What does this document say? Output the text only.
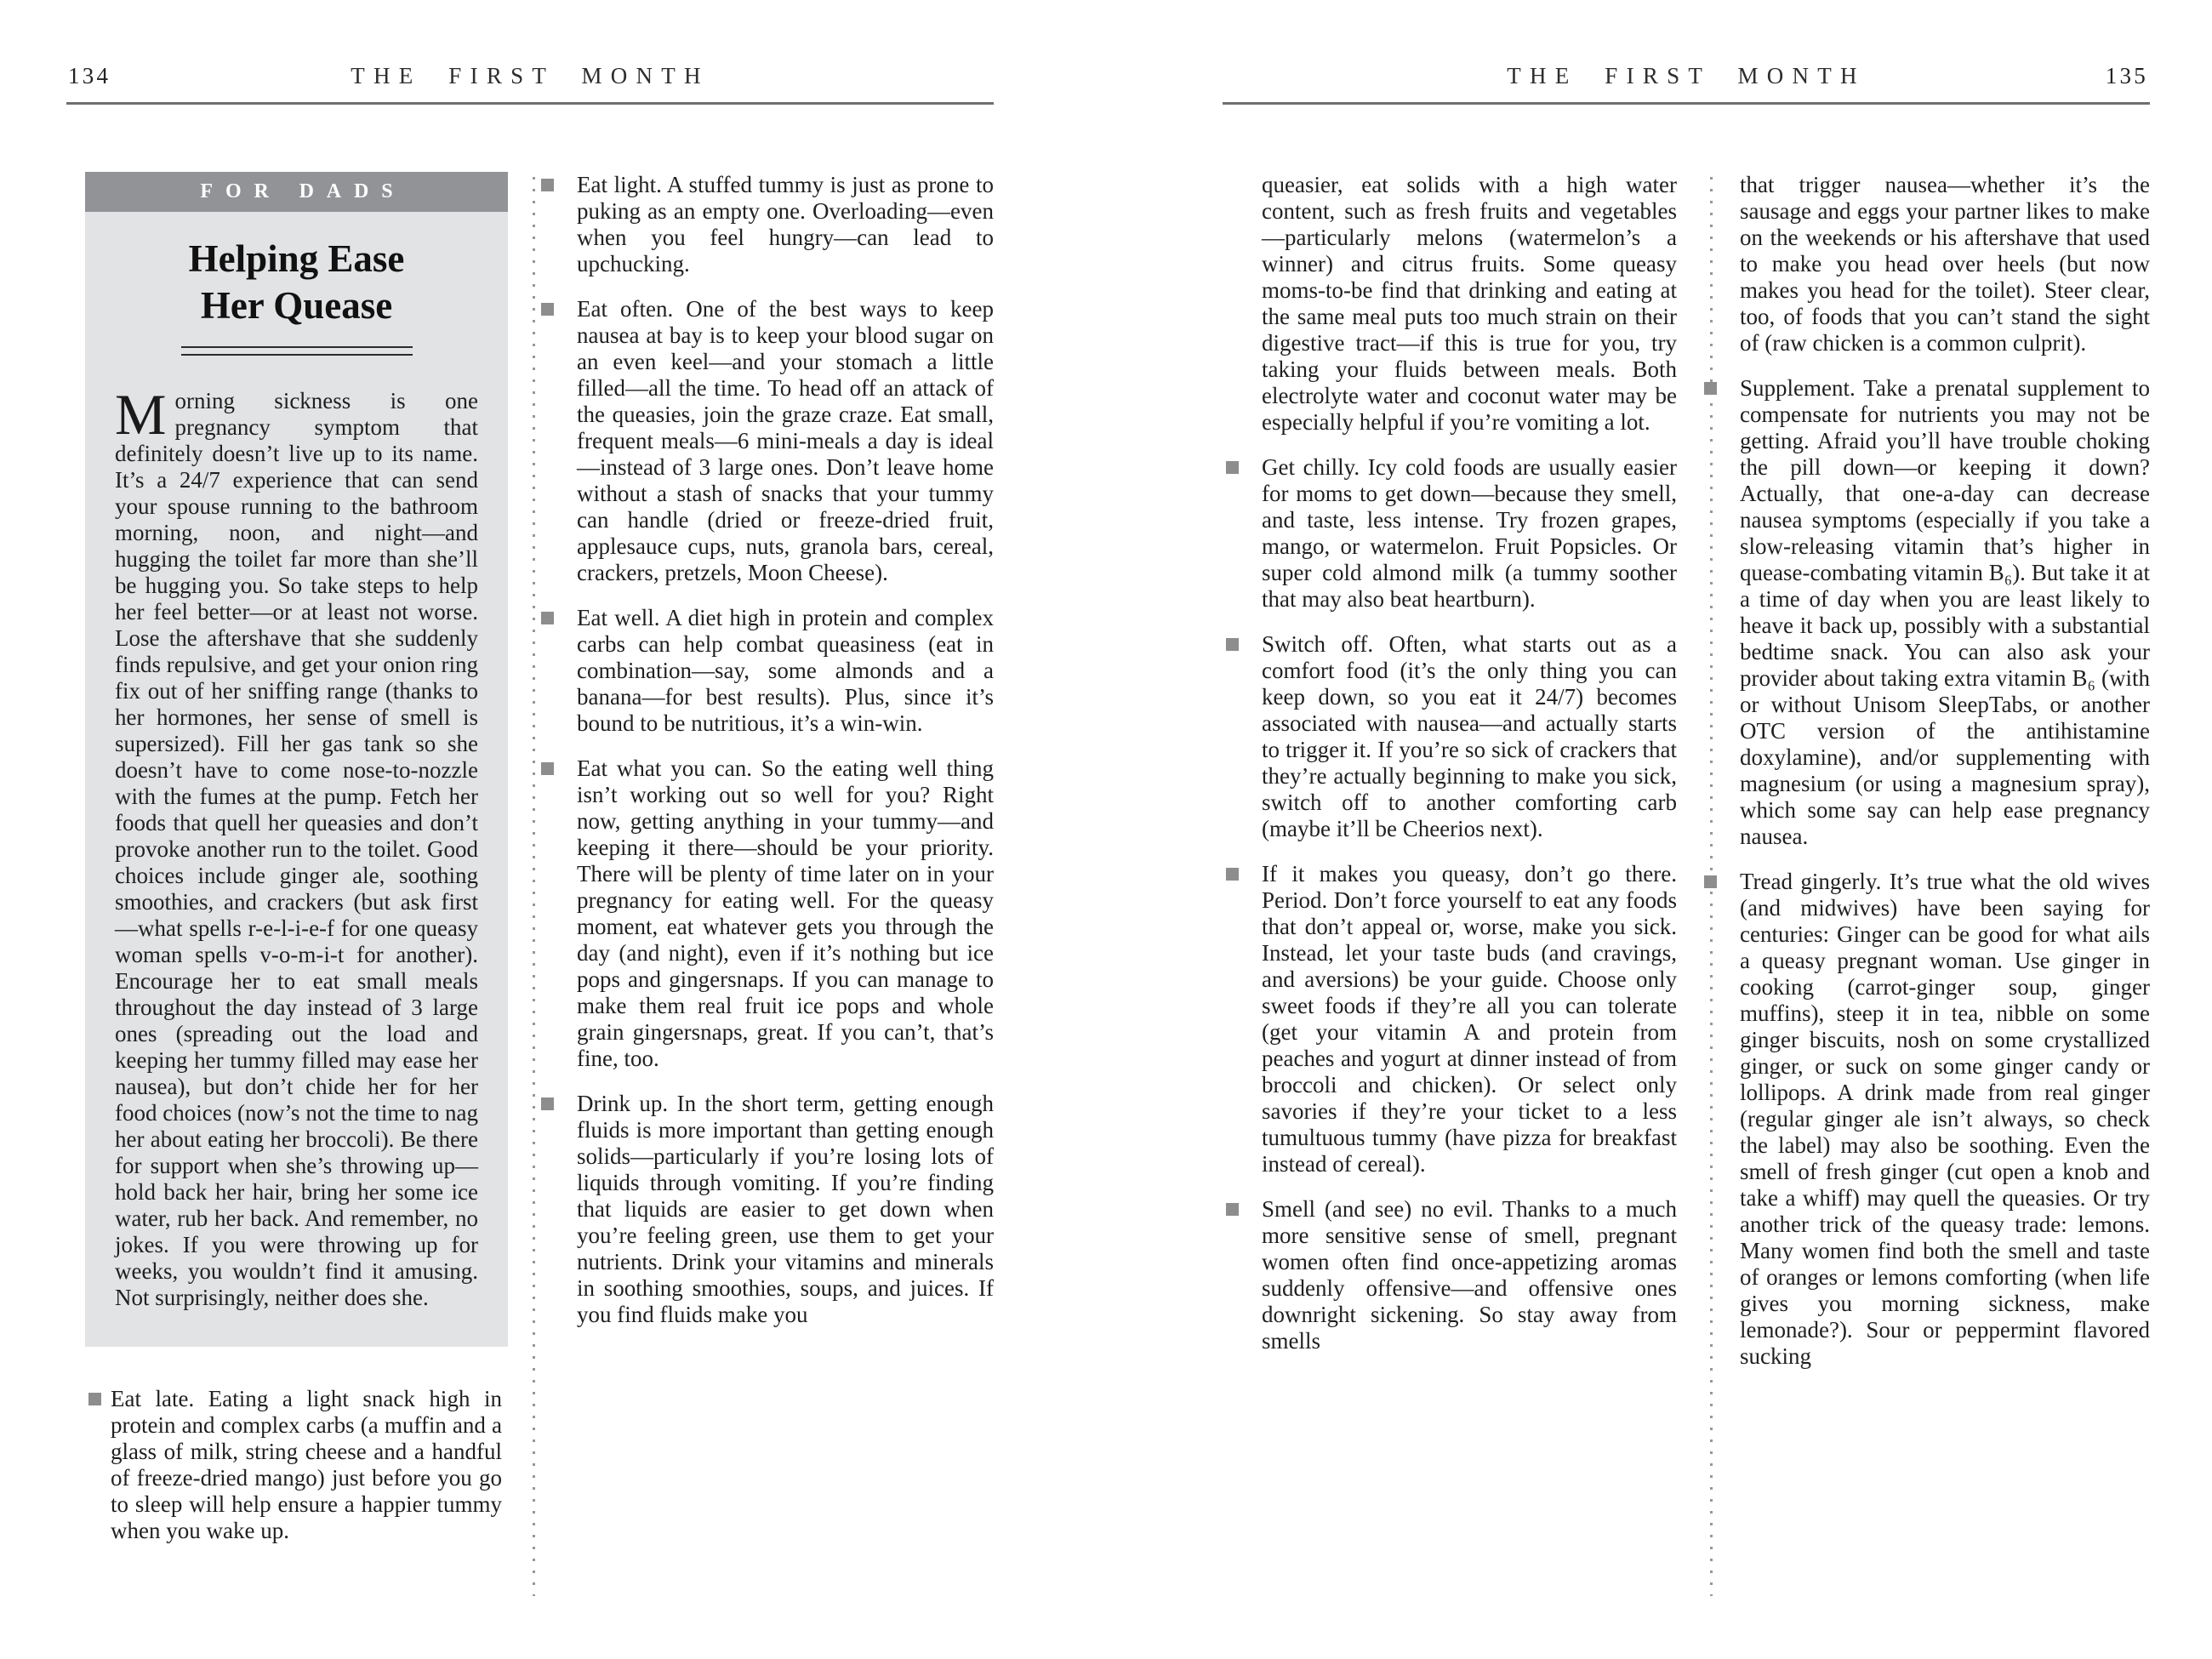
134	THE FIRST MONTH
FOR DADS
Helping Ease
Her Quease

Morning sickness is one pregnancy symptom that definitely doesn’t live up to its name. It’s a 24/7 experience that can send your spouse running to the bathroom morning, noon, and night—and hugging the toilet far more than she’ll be hugging you. So take steps to help her feel better—or at least not worse. Lose the aftershave that she suddenly finds repulsive, and get your onion ring fix out of her sniffing range (thanks to her hormones, her sense of smell is supersized). Fill her gas tank so she doesn’t have to come nose-to-nozzle with the fumes at the pump. Fetch her foods that quell her queasies and don’t provoke another run to the toilet. Good choices include ginger ale, soothing smoothies, and crackers (but ask first—what spells r-e-l-i-e-f for one queasy woman spells v-o-m-i-t for another). Encourage her to eat small meals throughout the day instead of 3 large ones (spreading out the load and keeping her tummy filled may ease her nausea), but don’t chide her for her food choices (now’s not the time to nag her about eating her broccoli). Be there for support when she’s throwing up—hold back her hair, bring her some ice water, rub her back. And remember, no jokes. If you were throwing up for weeks, you wouldn’t find it amusing. Not surprisingly, neither does she.

Eat late. Eating a light snack high in protein and complex carbs (a muffin and a glass of milk, string cheese and a handful of freeze-dried mango) just before you go to sleep will help ensure a happier tummy when you wake up.

Eat light. A stuffed tummy is just as prone to puking as an empty one. Overloading—even when you feel hungry—can lead to upchucking.

Eat often. One of the best ways to keep nausea at bay is to keep your blood sugar on an even keel—and your stomach a little filled—all the time. To head off an attack of the queasies, join the graze craze. Eat small, frequent meals—6 mini-meals a day is ideal—instead of 3 large ones. Don’t leave home without a stash of snacks that your tummy can handle (dried or freeze-dried fruit, applesauce cups, nuts, granola bars, cereal, crackers, pretzels, Moon Cheese).

Eat well. A diet high in protein and complex carbs can help combat queasiness (eat in combination—say, some almonds and a banana—for best results). Plus, since it’s bound to be nutritious, it’s a win-win.

Eat what you can. So the eating well thing isn’t working out so well for you? Right now, getting anything in your tummy—and keeping it there—should be your priority. There will be plenty of time later on in your pregnancy for eating well. For the queasy moment, eat whatever gets you through the day (and night), even if it’s nothing but ice pops and gingersnaps. If you can manage to make them real fruit ice pops and whole grain gingersnaps, great. If you can’t, that’s fine, too.

Drink up. In the short term, getting enough fluids is more important than getting enough solids—particularly if you’re losing lots of liquids through vomiting. If you’re finding that liquids are easier to get down when you’re feeling green, use them to get your nutrients. Drink your vitamins and minerals in soothing smoothies, soups, and juices. If you find fluids make you

THE FIRST MONTH	135

queasier, eat solids with a high water content, such as fresh fruits and vegetables—particularly melons (watermelon’s a winner) and citrus fruits. Some queasy moms-to-be find that drinking and eating at the same meal puts too much strain on their digestive tract—if this is true for you, try taking your fluids between meals. Both electrolyte water and coconut water may be especially helpful if you’re vomiting a lot.

Get chilly. Icy cold foods are usually easier for moms to get down—because they smell, and taste, less intense. Try frozen grapes, mango, or watermelon. Fruit Popsicles. Or super cold almond milk (a tummy soother that may also beat heartburn).

Switch off. Often, what starts out as a comfort food (it’s the only thing you can keep down, so you eat it 24/7) becomes associated with nausea—and actually starts to trigger it. If you’re so sick of crackers that they’re actually beginning to make you sick, switch off to another comforting carb (maybe it’ll be Cheerios next).

If it makes you queasy, don’t go there. Period. Don’t force yourself to eat any foods that don’t appeal or, worse, make you sick. Instead, let your taste buds (and cravings, and aversions) be your guide. Choose only sweet foods if they’re all you can tolerate (get your vitamin A and protein from peaches and yogurt at dinner instead of from broccoli and chicken). Or select only savories if they’re your ticket to a less tumultuous tummy (have pizza for breakfast instead of cereal).

Smell (and see) no evil. Thanks to a much more sensitive sense of smell, pregnant women often find once-appetizing aromas suddenly offensive—and offensive ones downright sickening. So stay away from smells

that trigger nausea—whether it’s the sausage and eggs your partner likes to make on the weekends or his aftershave that used to make you head over heels (but now makes you head for the toilet). Steer clear, too, of foods that you can’t stand the sight of (raw chicken is a common culprit).

Supplement. Take a prenatal supplement to compensate for nutrients you may not be getting. Afraid you’ll have trouble choking the pill down—or keeping it down? Actually, that one-a-day can decrease nausea symptoms (especially if you take a slow-releasing vitamin that’s higher in quease-combating vitamin B₆). But take it at a time of day when you are least likely to heave it back up, possibly with a substantial bedtime snack. You can also ask your provider about taking extra vitamin B₆ (with or without Unisom SleepTabs, or another OTC version of the antihistamine doxylamine), and/or supplementing with magnesium (or using a magnesium spray), which some say can help ease pregnancy nausea.

Tread gingerly. It’s true what the old wives (and midwives) have been saying for centuries: Ginger can be good for what ails a queasy pregnant woman. Use ginger in cooking (carrot-ginger soup, ginger muffins), steep it in tea, nibble on some ginger biscuits, nosh on some crystallized ginger, or suck on some ginger candy or lollipops. A drink made from real ginger (regular ginger ale isn’t always, so check the label) may also be soothing. Even the smell of fresh ginger (cut open a knob and take a whiff) may quell the queasies. Or try another trick of the queasy trade: lemons. Many women find both the smell and taste of oranges or lemons comforting (when life gives you morning sickness, make lemonade?). Sour or peppermint flavored sucking
